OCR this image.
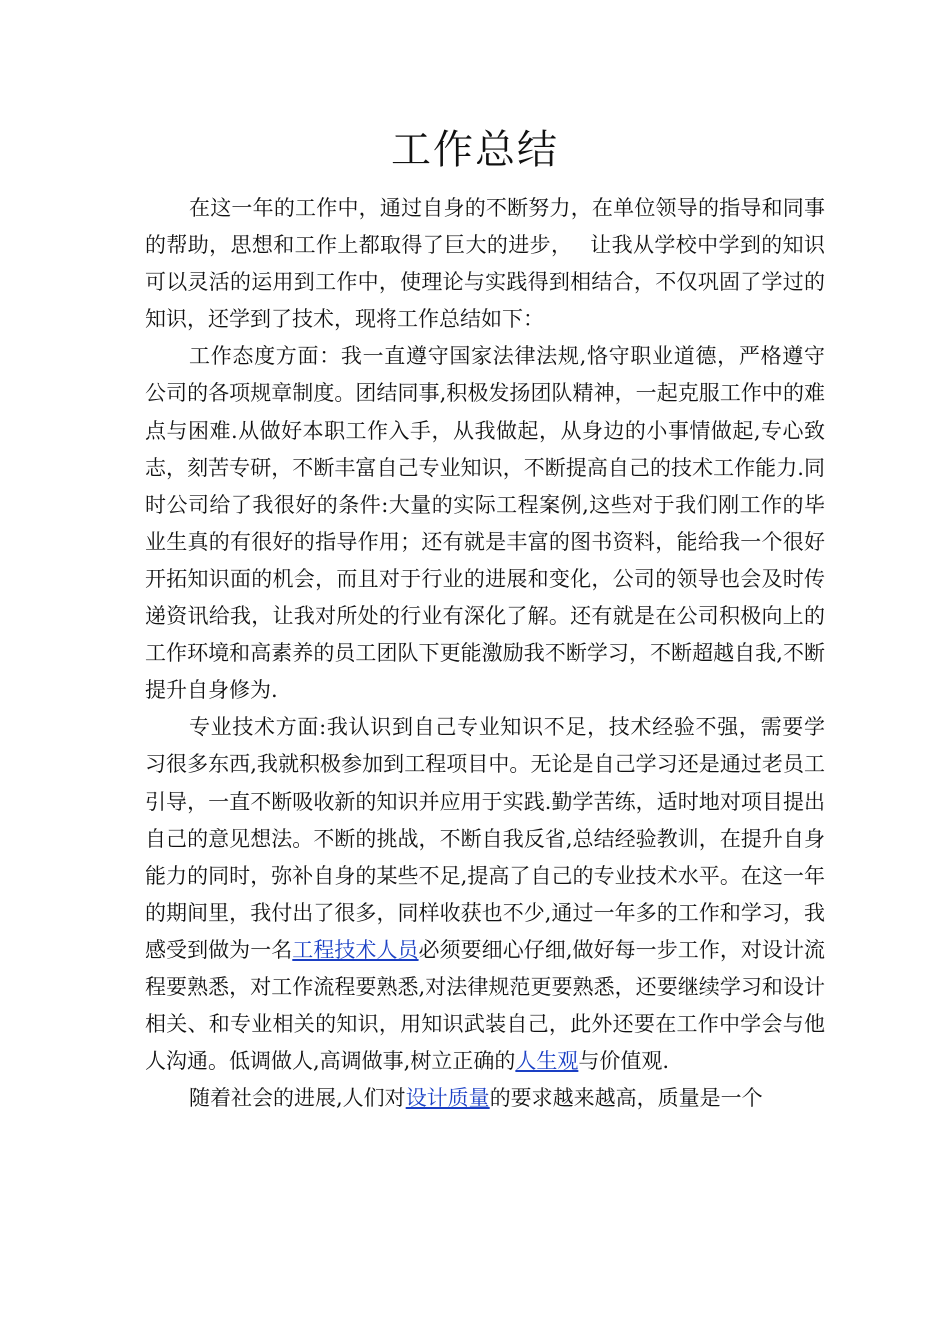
工作总结

在这一年的工作中，通过自身的不断努力，在单位领导的指导和同事的帮助，思想和工作上都取得了巨大的进步，　 让我从学校中学到的知识可以灵活的运用到工作中，使理论与实践得到相结合，不仅巩固了学过的知识，还学到了技术，现将工作总结如下：

工作态度方面：我一直遵守国家法律法规,恪守职业道德，严格遵守公司的各项规章制度。团结同事,积极发扬团队精神，一起克服工作中的难点与困难.从做好本职工作入手，从我做起，从身边的小事情做起,专心致志，刻苦专研，不断丰富自己专业知识，不断提高自己的技术工作能力.同时公司给了我很好的条件:大量的实际工程案例,这些对于我们刚工作的毕业生真的有很好的指导作用；还有就是丰富的图书资料，能给我一个很好开拓知识面的机会，而且对于行业的进展和变化，公司的领导也会及时传递资讯给我，让我对所处的行业有深化了解。还有就是在公司积极向上的工作环境和高素养的员工团队下更能激励我不断学习，不断超越自我,不断提升自身修为.

专业技术方面:我认识到自己专业知识不足，技术经验不强，需要学习很多东西,我就积极参加到工程项目中。无论是自己学习还是通过老员工引导，一直不断吸收新的知识并应用于实践.勤学苦练，适时地对项目提出自己的意见想法。不断的挑战，不断自我反省,总结经验教训，在提升自身能力的同时，弥补自身的某些不足,提高了自己的专业技术水平。在这一年的期间里，我付出了很多，同样收获也不少,通过一年多的工作和学习，我感受到做为一名工程技术人员必须要细心仔细,做好每一步工作，对设计流程要熟悉，对工作流程要熟悉,对法律规范更要熟悉，还要继续学习和设计相关、和专业相关的知识，用知识武装自己，此外还要在工作中学会与他人沟通。低调做人,高调做事,树立正确的人生观与价值观.

随着社会的进展,人们对设计质量的要求越来越高，质量是一个
